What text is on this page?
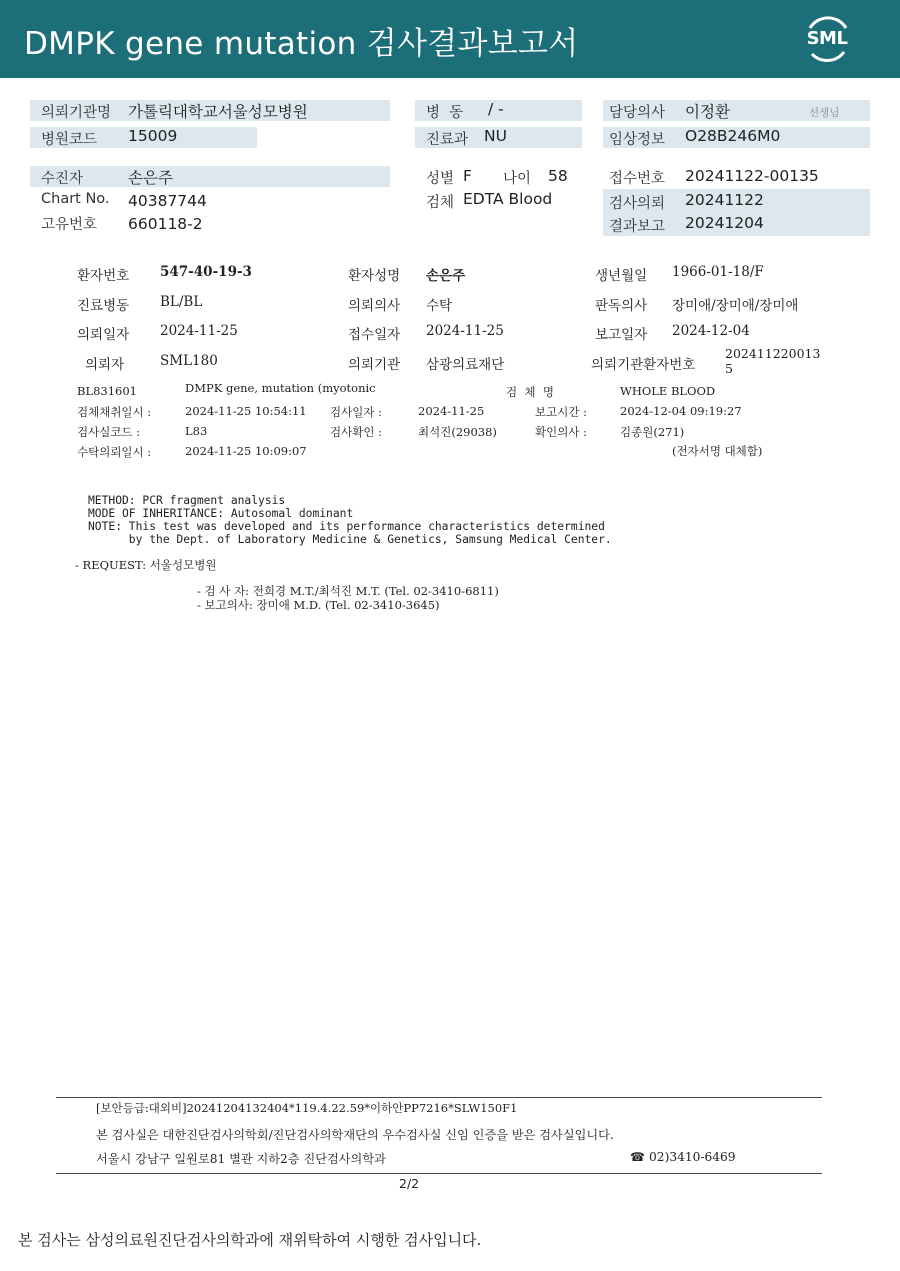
DMPK gene mutation 검사결과보고서	SML
의뢰기관명 가톨릭대학교서울성모병원
병원코드 15009
병  동 / -
진료과 NU
담당의사 이정환	선생님
임상정보 O28B246M0
수진자	손은주
Chart No. 40387744
고유번호 660118-2
성별 F 나이 58
검체 EDTA Blood
접수번호 20241122-00135
검사의뢰 20241122
결과보고 20241204
환자번호 547-40-19-3	환자성명 손은주	생년월일 1966-01-18/F
진료병동 BL/BL	의뢰의사 수탁	판독의사 장미애/장미애/장미애
의뢰일자 2024-11-25	접수일자 2024-11-25	보고일자 2024-12-04
의뢰자	SML180	의뢰기관 삼광의료재단	의뢰기관환자번호
202411220013
5
BL831601	DMPK gene, mutation (myotonic	검  체  명	WHOLE BLOOD
검체채취일시 :	2024-11-25 10:54:11 검사일자 :	2024-11-25	보고시간 :	2024-12-04 09:19:27
검사실코드 :	L83	검사확인 :	최석진(29038)	확인의사 :	김종원(271)
수탁의뢰일시 :	2024-11-25 10:09:07	(전자서명 대체함)
METHOD: PCR fragment analysis
MODE OF INHERITANCE: Autosomal dominant
NOTE: This test was developed and its performance characteristics determined
by the Dept. of Laboratory Medicine & Genetics, Samsung Medical Center.
- REQUEST: 서울성모병원
- 검 사 자: 전희경 M.T./최석진 M.T. (Tel. 02-3410-6811)
- 보고의사: 장미애 M.D. (Tel. 02-3410-3645)
[보안등급:대외비]20241204132404*119.4.22.59*이하안PP7216*SLW150F1
본 검사실은 대한진단검사의학회/진단검사의학재단의 우수검사실 신임 인증을 받은 검사실입니다.
서울시 강남구 일원로81 별관 지하2층 진단검사의학과	☎ 02)3410-6469
2/2
본 검사는 삼성의료원진단검사의학과에 재위탁하여 시행한 검사입니다.
